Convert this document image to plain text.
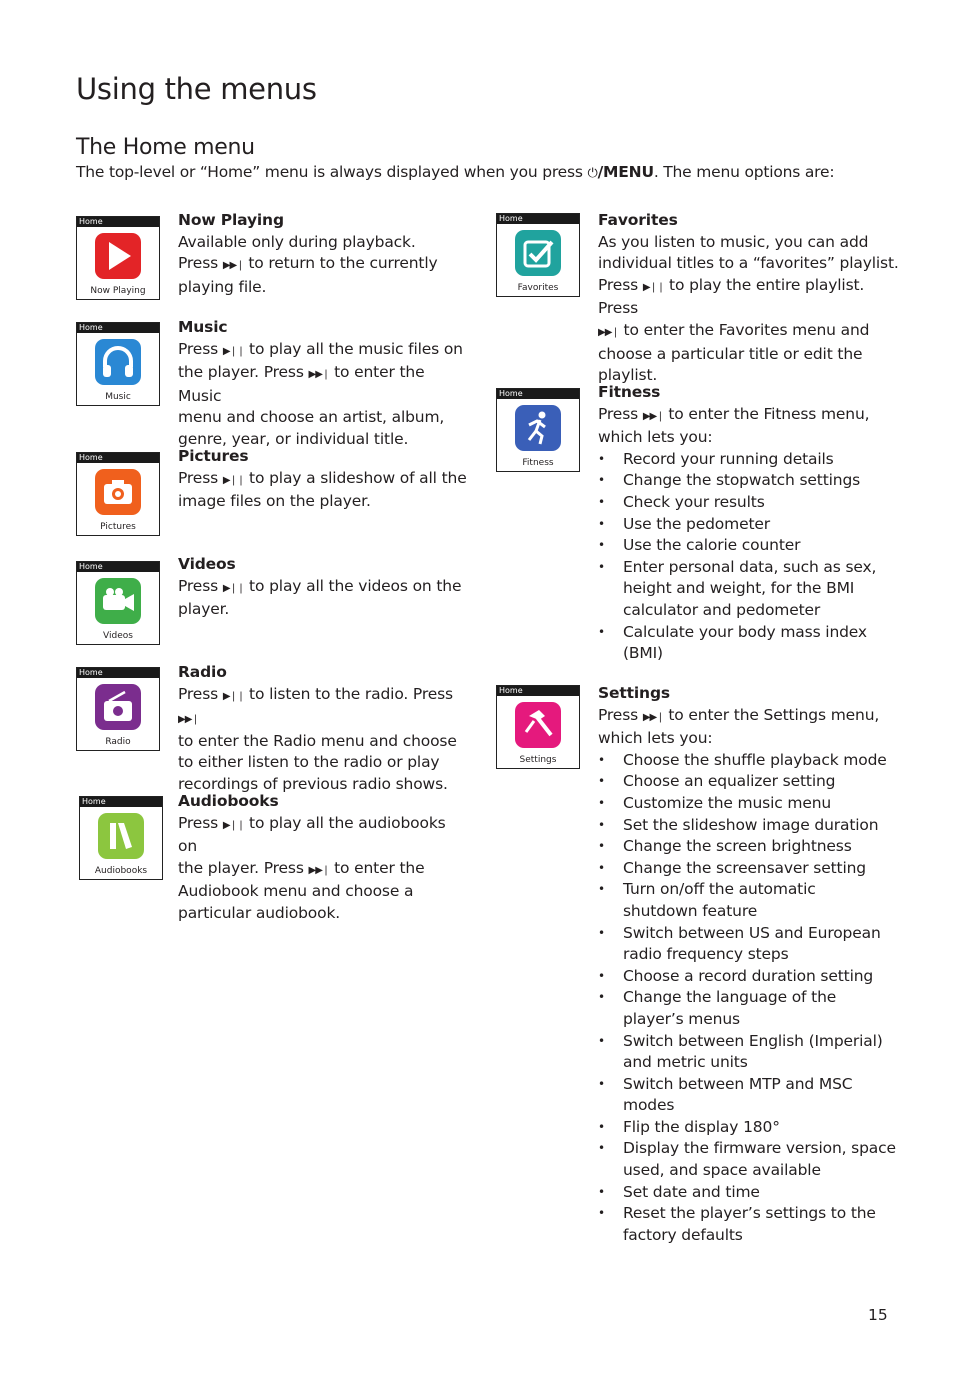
Using the menus
The Home menu
The top-level or “Home” menu is always displayed when you press ⏻/MENU. The menu options are:
Home
Now Playing
Now Playing

Available only during playback.

Press ▶▶❘ to return to the currently

playing file.

Home
Music
Music

Press ▶❘❘ to play all the music files on

the player. Press ▶▶❘ to enter the Music

menu and choose an artist, album,

genre, year, or individual title.

Home
Pictures
Pictures

Press ▶❘❘ to play a slideshow of all the

image files on the player.

Home
Videos
Videos

Press ▶❘❘ to play all the videos on the

player.

Home
Radio
Radio

Press ▶❘❘ to listen to the radio. Press ▶▶❘

to enter the Radio menu and choose

to either listen to the radio or play

recordings of previous radio shows.

Home
Audiobooks
Audiobooks

Press ▶❘❘ to play all the audiobooks on

the player. Press ▶▶❘ to enter the

Audiobook menu and choose a

particular audiobook.

Home
Favorites
Favorites

As you listen to music, you can add

individual titles to a “favorites” playlist.

Press ▶❘❘ to play the entire playlist. Press

▶▶❘ to enter the Favorites menu and

choose a particular title or edit the

playlist.

Home
Fitness
Fitness

Press ▶▶❘ to enter the Fitness menu,

which lets you:

• Record your running details
• Change the stopwatch settings
• Check your results
• Use the pedometer
• Use the calorie counter
• Enter personal data, such as sex,
height and weight, for the BMI
calculator and pedometer
• Calculate your body mass index
(BMI)
Home
Settings
Settings

Press ▶▶❘ to enter the Settings menu,

which lets you:

• Choose the shuffle playback mode
• Choose an equalizer setting
• Customize the music menu
• Set the slideshow image duration
• Change the screen brightness
• Change the screensaver setting
• Turn on/off the automatic
shutdown feature
• Switch between US and European
radio frequency steps
• Choose a record duration setting
• Change the language of the
player’s menus
• Switch between English (Imperial)
and metric units
• Switch between MTP and MSC
modes
• Flip the display 180°
• Display the firmware version, space
used, and space available
• Set date and time
• Reset the player’s settings to the
factory defaults
15
